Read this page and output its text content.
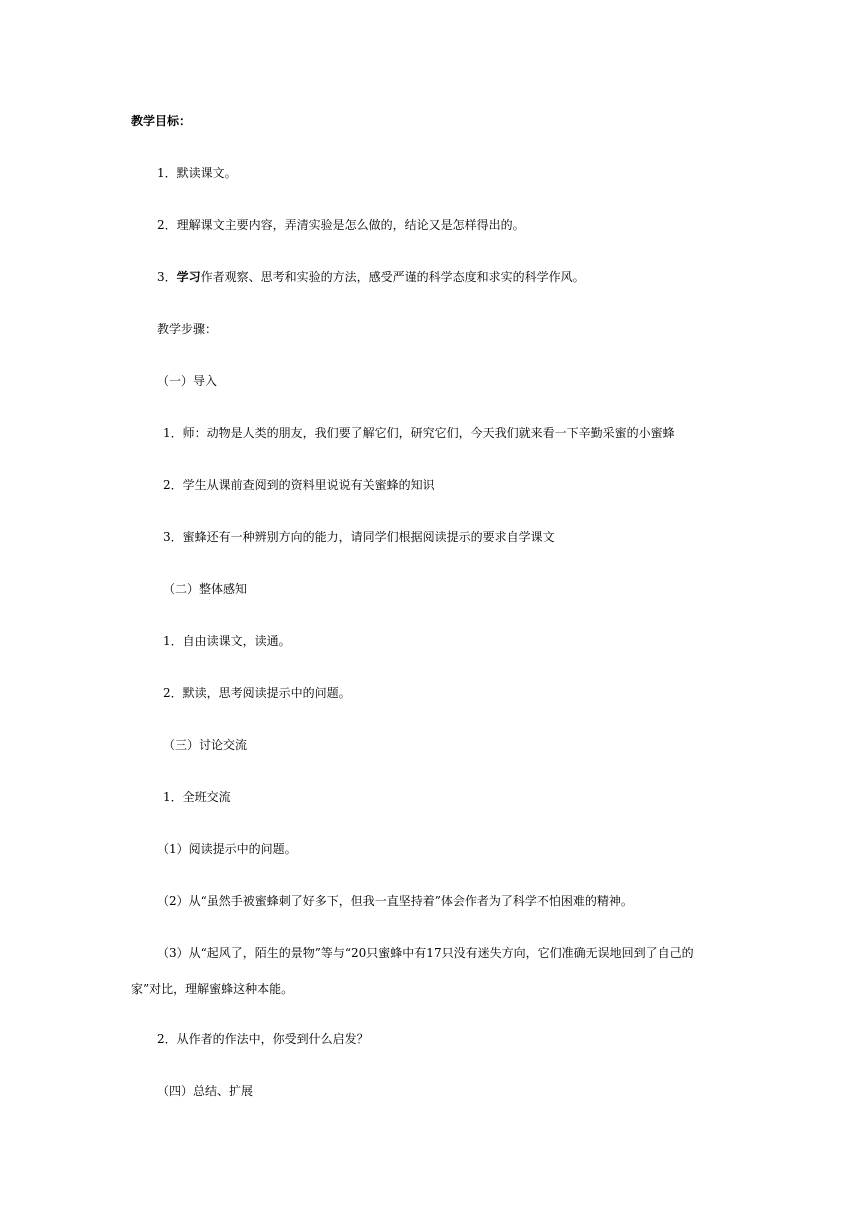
教学目标：
1．默读课文。
2．理解课文主要内容，弄清实验是怎么做的，结论又是怎样得出的。
3．学习作者观察、思考和实验的方法，感受严谨的科学态度和求实的科学作风。
教学步骤：
（一）导入
1．师：动物是人类的朋友，我们要了解它们，研究它们，今天我们就来看一下辛勤采蜜的小蜜蜂
2．学生从课前查阅到的资料里说说有关蜜蜂的知识
3．蜜蜂还有一种辨别方向的能力，请同学们根据阅读提示的要求自学课文
（二）整体感知
1．自由读课文，读通。
2．默读，思考阅读提示中的问题。
（三）讨论交流
1．全班交流
（1）阅读提示中的问题。
（2）从“虽然手被蜜蜂刺了好多下，但我一直坚持着”体会作者为了科学不怕困难的精神。
（3）从“起风了，陌生的景物”等与“20只蜜蜂中有17只没有迷失方向，它们准确无误地回到了自己的家”对比，理解蜜蜂这种本能。
2．从作者的作法中，你受到什么启发？
（四）总结、扩展
